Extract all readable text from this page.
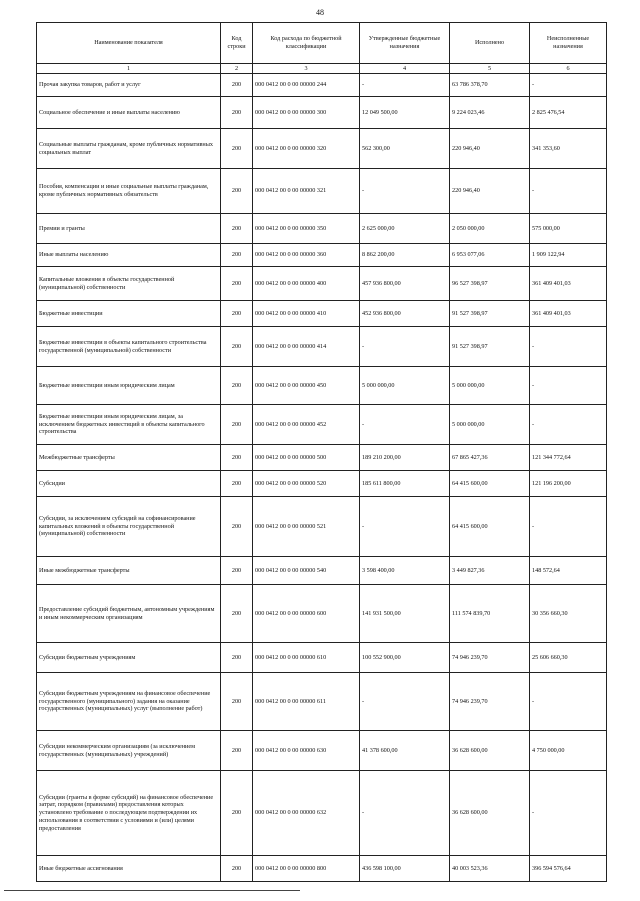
48
Наименование показателя	Код строки	Код расхода по бюджетной классификации	Утвержденные бюджетные назначения	Исполнено	Неисполненные назначения
1	2	3	4	5	6
Прочая закупка товаров, работ и услуг	200	000 0412 00 0 00 00000 244	-	63 786 378,70	-
Социальное обеспечение и иные выплаты населению	200	000 0412 00 0 00 00000 300	12 049 500,00	9 224 023,46	2 825 476,54
Социальные выплаты гражданам, кроме публичных нормативных социальных выплат	200	000 0412 00 0 00 00000 320	562 300,00	220 946,40	341 353,60
Пособия, компенсации и иные социальные выплаты гражданам, кроме публичных нормативных обязательств	200	000 0412 00 0 00 00000 321	-	220 946,40	-
Премии и гранты	200	000 0412 00 0 00 00000 350	2 625 000,00	2 050 000,00	575 000,00
Иные выплаты населению	200	000 0412 00 0 00 00000 360	8 862 200,00	6 953 077,06	1 909 122,94
Капитальные вложения в объекты государственной (муниципальной) собственности	200	000 0412 00 0 00 00000 400	457 936 800,00	96 527 398,97	361 409 401,03
Бюджетные инвестиции	200	000 0412 00 0 00 00000 410	452 936 800,00	91 527 398,97	361 409 401,03
Бюджетные инвестиции в объекты капитального строительства государственной (муниципальной) собственности	200	000 0412 00 0 00 00000 414	-	91 527 398,97	-
Бюджетные инвестиции иным юридическим лицам	200	000 0412 00 0 00 00000 450	5 000 000,00	5 000 000,00	-
Бюджетные инвестиции иным юридическим лицам, за исключением бюджетных инвестиций в объекты капитального строительства	200	000 0412 00 0 00 00000 452	-	5 000 000,00	-
Межбюджетные трансферты	200	000 0412 00 0 00 00000 500	189 210 200,00	67 865 427,36	121 344 772,64
Субсидии	200	000 0412 00 0 00 00000 520	185 611 800,00	64 415 600,00	121 196 200,00
Субсидии, за исключением субсидий на софинансирование капитальных вложений в объекты государственной (муниципальной) собственности	200	000 0412 00 0 00 00000 521	-	64 415 600,00	-
Иные межбюджетные трансферты	200	000 0412 00 0 00 00000 540	3 598 400,00	3 449 827,36	148 572,64
Предоставление субсидий бюджетным, автономным учреждениям и иным некоммерческим организациям	200	000 0412 00 0 00 00000 600	141 931 500,00	111 574 839,70	30 356 660,30
Субсидии бюджетным учреждениям	200	000 0412 00 0 00 00000 610	100 552 900,00	74 946 239,70	25 606 660,30
Субсидии бюджетным учреждениям на финансовое обеспечение государственного (муниципального) задания на оказание государственных (муниципальных) услуг (выполнение работ)	200	000 0412 00 0 00 00000 611	-	74 946 239,70	-
Субсидии некоммерческим организациям (за исключением государственных (муниципальных) учреждений)	200	000 0412 00 0 00 00000 630	41 378 600,00	36 628 600,00	4 750 000,00
Субсидии (гранты в форме субсидий) на финансовое обеспечение затрат, порядком (правилами) предоставления которых установлено требование о последующем подтверждении их использования в соответствии с условиями и (или) целями предоставления	200	000 0412 00 0 00 00000 632	-	36 628 600,00	-
Иные бюджетные ассигнования	200	000 0412 00 0 00 00000 800	436 598 100,00	40 003 523,36	396 594 576,64
